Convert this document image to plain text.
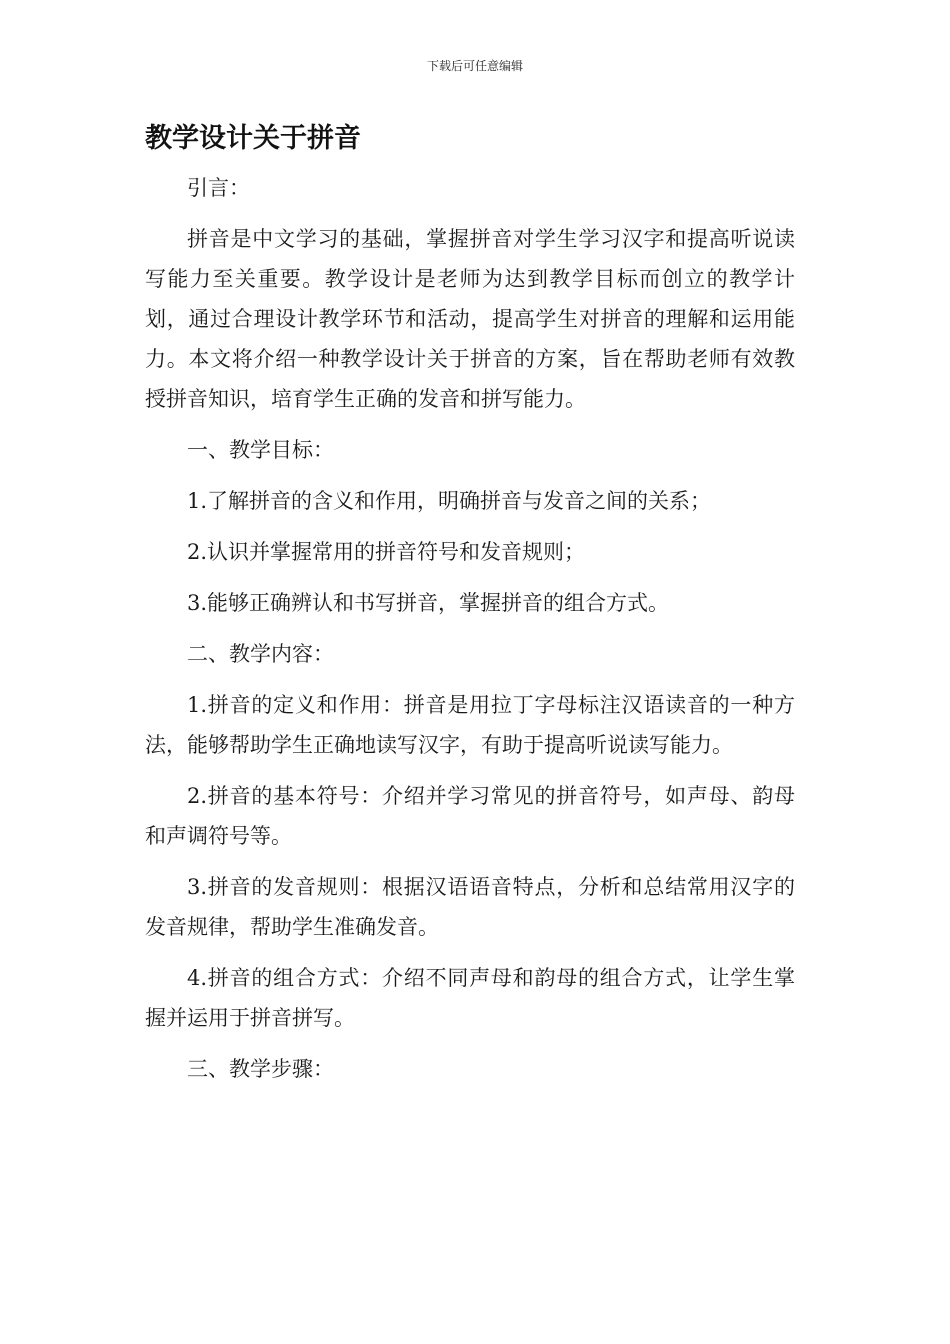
下载后可任意编辑
教学设计关于拼音

引言：

拼音是中文学习的基础，掌握拼音对学生学习汉字和提高听说读写能力至关重要。教学设计是老师为达到教学目标而创立的教学计划，通过合理设计教学环节和活动，提高学生对拼音的理解和运用能力。本文将介绍一种教学设计关于拼音的方案，旨在帮助老师有效教授拼音知识，培育学生正确的发音和拼写能力。

一、教学目标：

1.了解拼音的含义和作用，明确拼音与发音之间的关系；

2.认识并掌握常用的拼音符号和发音规则；

3.能够正确辨认和书写拼音，掌握拼音的组合方式。

二、教学内容：

1.拼音的定义和作用：拼音是用拉丁字母标注汉语读音的一种方法，能够帮助学生正确地读写汉字，有助于提高听说读写能力。

2.拼音的基本符号：介绍并学习常见的拼音符号，如声母、韵母和声调符号等。

3.拼音的发音规则：根据汉语语音特点，分析和总结常用汉字的发音规律，帮助学生准确发音。

4.拼音的组合方式：介绍不同声母和韵母的组合方式，让学生掌握并运用于拼音拼写。

三、教学步骤：
